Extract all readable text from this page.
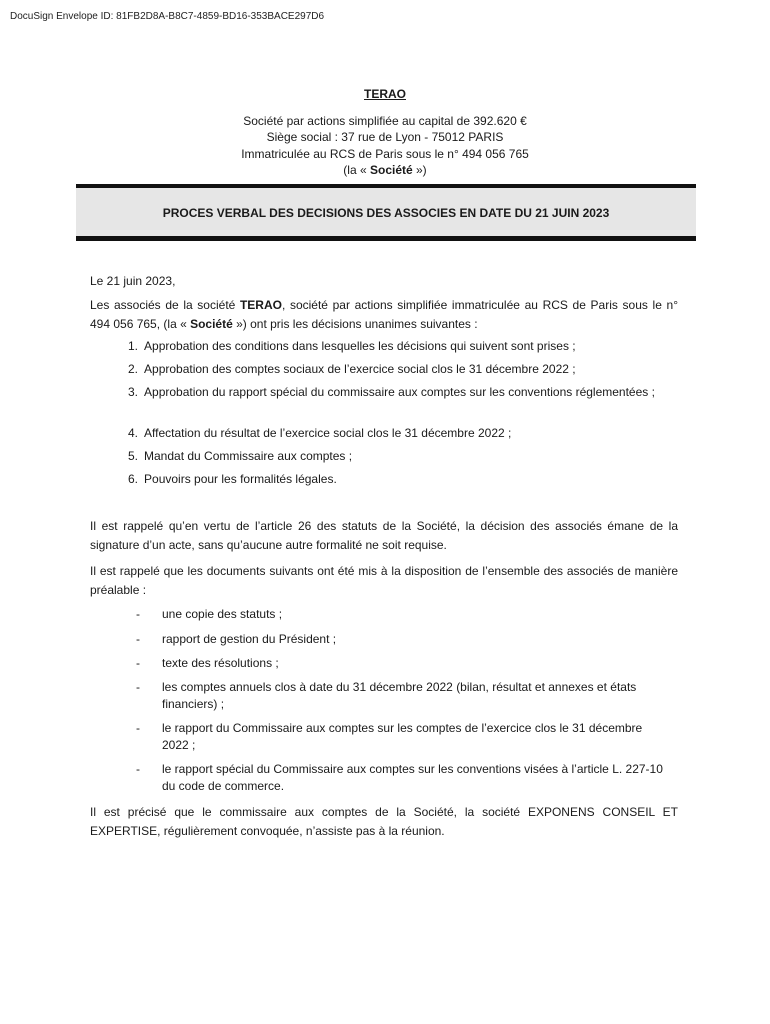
DocuSign Envelope ID: 81FB2D8A-B8C7-4859-BD16-353BACE297D6
TERAO
Société par actions simplifiée au capital de 392.620 €
Siège social : 37 rue de Lyon - 75012 PARIS
Immatriculée au RCS de Paris sous le n° 494 056 765
(la « Société »)
PROCES VERBAL DES DECISIONS DES ASSOCIES EN DATE DU 21 JUIN 2023
Le 21 juin 2023,
Les associés de la société TERAO, société par actions simplifiée immatriculée au RCS de Paris sous le n° 494 056 765, (la « Société ») ont pris les décisions unanimes suivantes :
1. Approbation des conditions dans lesquelles les décisions qui suivent sont prises ;
2. Approbation des comptes sociaux de l’exercice social clos le 31 décembre 2022 ;
3. Approbation du rapport spécial du commissaire aux comptes sur les conventions réglementées ;
4. Affectation du résultat de l’exercice social clos le 31 décembre 2022 ;
5. Mandat du Commissaire aux comptes ;
6. Pouvoirs pour les formalités légales.
Il est rappelé qu’en vertu de l’article 26 des statuts de la Société, la décision des associés émane de la signature d’un acte, sans qu’aucune autre formalité ne soit requise.
Il est rappelé que les documents suivants ont été mis à la disposition de l’ensemble des associés de manière préalable :
- une copie des statuts ;
- rapport de gestion du Président ;
- texte des résolutions ;
- les comptes annuels clos à date du 31 décembre 2022 (bilan, résultat et annexes et états financiers) ;
- le rapport du Commissaire aux comptes sur les comptes de l’exercice clos le 31 décembre 2022 ;
- le rapport spécial du Commissaire aux comptes sur les conventions visées à l’article L. 227-10 du code de commerce.
Il est précisé que le commissaire aux comptes de la Société, la société EXPONENS CONSEIL ET EXPERTISE, régulièrement convoquée, n’assiste pas à la réunion.
